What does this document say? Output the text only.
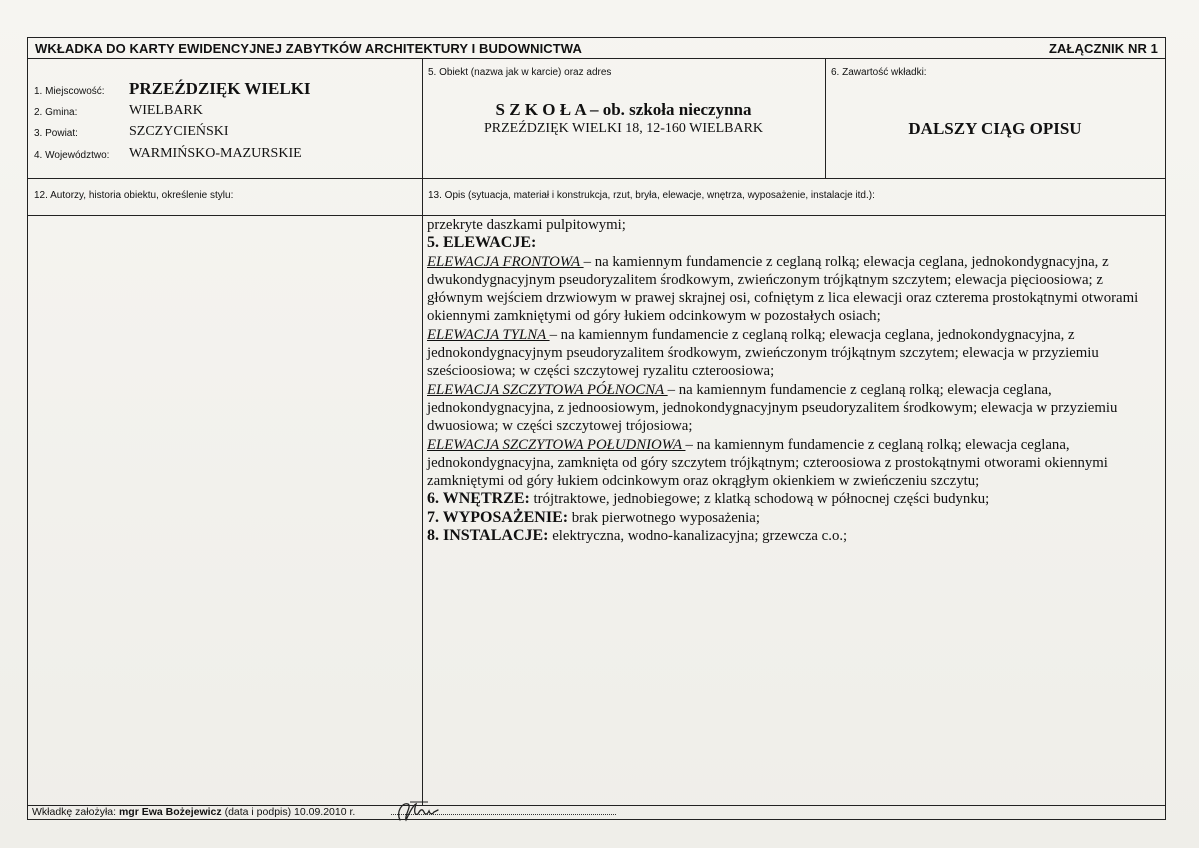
WKŁADKA DO KARTY EWIDENCYJNEJ ZABYTKÓW ARCHITEKTURY I BUDOWNICTWA	ZAŁĄCZNIK NR 1
1. Miejscowość: PRZEŹDZIĘK WIELKI
2. Gmina:	WIELBARK
3. Powiat:	SZCZYCIEŃSKI
4. Województwo: WARMIŃSKO-MAZURSKIE
5. Obiekt (nazwa jak w karcie) oraz adres
S Z K O Ł A – ob. szkoła nieczynna
PRZEŹDZIĘK WIELKI 18, 12-160 WIELBARK
6. Zawartość wkładki:
DALSZY CIĄG OPISU
12. Autorzy, historia obiektu, określenie stylu:	13. Opis (sytuacja, materiał i konstrukcja, rzut, bryła, elewacje, wnętrza, wyposażenie, instalacje itd.):

przekryte daszkami pulpitowymi;

5. ELEWACJE:

ELEWACJA FRONTOWA – na kamiennym fundamencie z ceglaną rolką; elewacja ceglana, jednokondygnacyjna, z dwukondygnacyjnym pseudoryzalitem środkowym, zwieńczonym trójkątnym szczytem; elewacja pięcioosiowa; z głównym wejściem drzwiowym w prawej skrajnej osi, cofniętym z lica elewacji oraz czterema prostokątnymi otworami okiennymi zamkniętymi od góry łukiem odcinkowym w pozostałych osiach;

ELEWACJA TYLNA – na kamiennym fundamencie z ceglaną rolką; elewacja ceglana, jednokondygnacyjna, z jednokondygnacyjnym pseudoryzalitem środkowym, zwieńczonym trójkątnym szczytem; elewacja w przyziemiu sześcioosiowa; w części szczytowej ryzalitu czteroosiowa;

ELEWACJA SZCZYTOWA PÓŁNOCNA – na kamiennym fundamencie z ceglaną rolką; elewacja ceglana, jednokondygnacyjna, z jednoosiowym, jednokondygnacyjnym pseudoryzalitem środkowym; elewacja w przyziemiu dwuosiowa; w części szczytowej trójosiowa;

ELEWACJA SZCZYTOWA POŁUDNIOWA – na kamiennym fundamencie z ceglaną rolką; elewacja ceglana, jednokondygnacyjna, zamknięta od góry szczytem trójkątnym; czteroosiowa z prostokątnymi otworami okiennymi zamkniętymi od góry łukiem odcinkowym oraz okrągłym okienkiem w zwieńczeniu szczytu;

6. WNĘTRZE: trójtraktowe, jednobiegowe; z klatką schodową w północnej części budynku;

7. WYPOSAŻENIE: brak pierwotnego wyposażenia;

8. INSTALACJE: elektryczna, wodno-kanalizacyjna; grzewcza c.o.;

Wkładkę założyła: mgr Ewa Bożejewicz (data i podpis) 10.09.2010 r.
